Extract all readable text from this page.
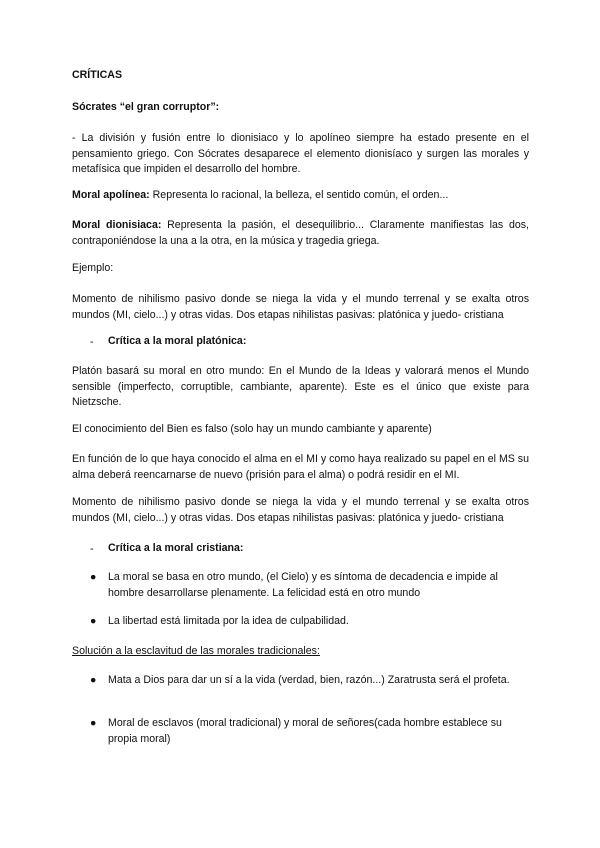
CRÍTICAS

Sócrates “el gran corruptor”:

- La división y fusión entre lo dionisiaco y lo apolíneo siempre ha estado presente en el pensamiento griego. Con Sócrates desaparece el elemento dionisíaco y surgen las morales y metafísica que impiden el desarrollo del hombre.

Moral apolínea: Representa lo racional, la belleza, el sentido común, el orden...

Moral dionisiaca: Representa la pasión, el desequilibrio... Claramente manifiestas las dos, contraponiéndose la una a la otra, en la música y tragedia griega.

Ejemplo:

Momento de nihilismo pasivo donde se niega la vida y el mundo terrenal y se exalta otros mundos (MI, cielo...) y otras vidas. Dos etapas nihilistas pasivas: platónica y juedo- cristiana

-	Crítica a la moral platónica:

Platón basará su moral en otro mundo: En el Mundo de la Ideas y valorará menos el Mundo sensible (imperfecto, corruptible, cambiante, aparente). Este es el único que existe para Nietzsche.

El conocimiento del Bien es falso (solo hay un mundo cambiante y aparente)

En función de lo que haya conocido el alma en el MI y como haya realizado su papel en el MS su alma deberá reencarnarse de nuevo (prisión para el alma) o podrá residir en el MI.

Momento de nihilismo pasivo donde se niega la vida y el mundo terrenal y se exalta otros mundos (MI, cielo...) y otras vidas. Dos etapas nihilistas pasivas: platónica y juedo- cristiana

-	Crítica a la moral cristiana:

●	La moral se basa en otro mundo, (el Cielo) y es síntoma de decadencia e impide al hombre desarrollarse plenamente. La felicidad está en otro mundo

●	La libertad está limitada por la idea de culpabilidad.

Solución a la esclavitud de las morales tradicionales:

●	Mata a Dios para dar un sí a la vida (verdad, bien, razón...) Zaratrusta será el profeta.

●	Moral de esclavos (moral tradicional) y moral de señores(cada hombre establece su propia moral)
